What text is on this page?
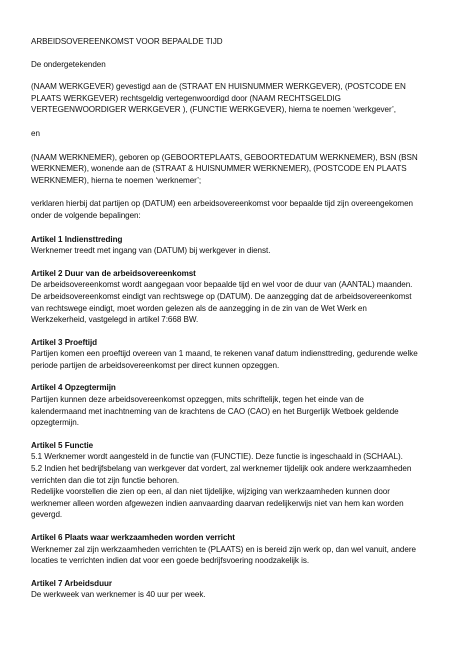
ARBEIDSOVEREENKOMST VOOR BEPAALDE TIJD

De ondergetekenden

(NAAM WERKGEVER) gevestigd aan de (STRAAT EN HUISNUMMER WERKGEVER), (POSTCODE EN PLAATS WERKGEVER) rechtsgeldig vertegenwoordigd door (NAAM RECHTSGELDIG VERTEGENWOORDIGER WERKGEVER ), (FUNCTIE WERKGEVER), hierna te noemen ‘werkgever’,

en

(NAAM WERKNEMER), geboren op (GEBOORTEPLAATS, GEBOORTEDATUM WERKNEMER), BSN (BSN WERKNEMER), wonende aan de (STRAAT & HUISNUMMER WERKNEMER), (POSTCODE EN PLAATS WERKNEMER), hierna te noemen ‘werknemer’;

verklaren hierbij dat partijen op (DATUM) een arbeidsovereenkomst voor bepaalde tijd zijn overeengekomen onder de volgende bepalingen:

Artikel 1 Indiensttreding

Werknemer treedt met ingang van (DATUM) bij werkgever in dienst.

Artikel 2 Duur van de arbeidsovereenkomst

De arbeidsovereenkomst wordt aangegaan voor bepaalde tijd en wel voor de duur van (AANTAL) maanden. De arbeidsovereenkomst eindigt van rechtswege op (DATUM). De aanzegging dat de arbeidsovereenkomst van rechtswege eindigt, moet worden gelezen als de aanzegging in de zin van de Wet Werk en Werkzekerheid, vastgelegd in artikel 7:668 BW.

Artikel 3 Proeftijd

Partijen komen een proeftijd overeen van 1 maand, te rekenen vanaf datum indiensttreding, gedurende welke periode partijen de arbeidsovereenkomst per direct kunnen opzeggen.

Artikel 4 Opzegtermijn

Partijen kunnen deze arbeidsovereenkomst opzeggen, mits schriftelijk, tegen het einde van de kalendermaand met inachtneming van de krachtens de CAO (CAO) en het Burgerlijk Wetboek geldende opzegtermijn.

Artikel 5 Functie

5.1 Werknemer wordt aangesteld in de functie van (FUNCTIE). Deze functie is ingeschaald in (SCHAAL).

5.2 Indien het bedrijfsbelang van werkgever dat vordert, zal werknemer tijdelijk ook andere werkzaamheden verrichten dan die tot zijn functie behoren.

Redelijke voorstellen die zien op een, al dan niet tijdelijke, wijziging van werkzaamheden kunnen door werknemer alleen worden afgewezen indien aanvaarding daarvan redelijkerwijs niet van hem kan worden gevergd.

Artikel 6 Plaats waar werkzaamheden worden verricht

Werknemer zal zijn werkzaamheden verrichten te (PLAATS) en is bereid zijn werk op, dan wel vanuit, andere locaties te verrichten indien dat voor een goede bedrijfsvoering noodzakelijk is.

Artikel 7 Arbeidsduur

De werkweek van werknemer is 40 uur per week.
